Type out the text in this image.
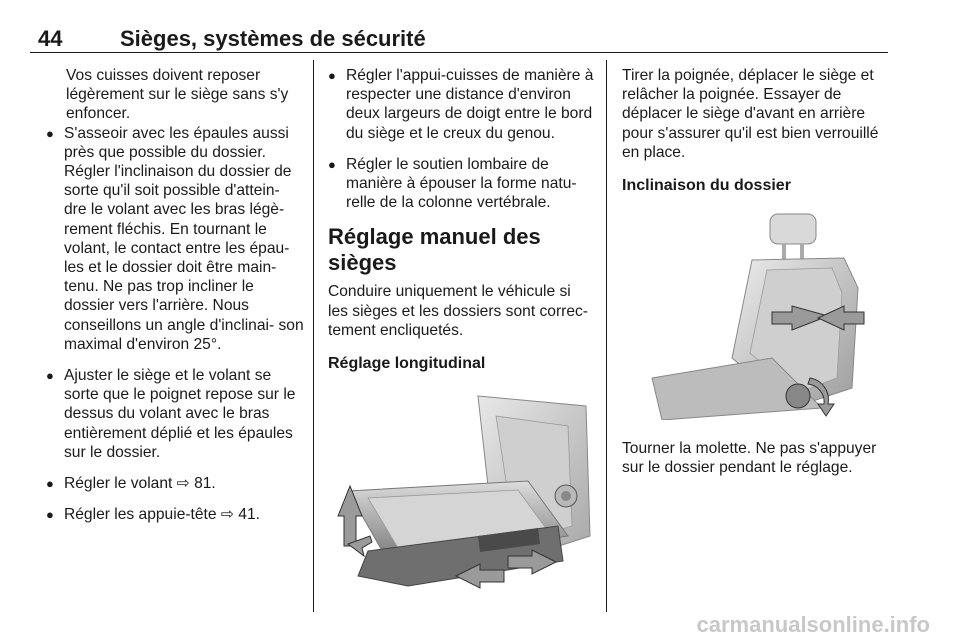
44	Sièges, systèmes de sécurité

Vos cuisses doivent reposer légèrement sur le siège sans s'y enfoncer.

● S'asseoir avec les épaules aussi près que possible du dossier. Régler l'inclinaison du dossier de sorte qu'il soit possible d'attein- dre le volant avec les bras légè- rement fléchis. En tournant le volant, le contact entre les épau- les et le dossier doit être main- tenu. Ne pas trop incliner le dossier vers l'arrière. Nous conseillons un angle d'inclinai- son maximal d'environ 25°.
● Ajuster le siège et le volant se sorte que le poignet repose sur le dessus du volant avec le bras entièrement déplié et les épaules sur le dossier.
● Régler le volant ⇨ 81.
● Régler les appuie-tête ⇨ 41.
● Régler l'appui-cuisses de manière à respecter une distance d'environ deux largeurs de doigt entre le bord du siège et le creux du genou.
● Régler le soutien lombaire de manière à épouser la forme natu- relle de la colonne vertébrale.
Réglage manuel des sièges

Conduire uniquement le véhicule si les sièges et les dossiers sont correc- tement encliquetés.

Réglage longitudinal

Tirer la poignée, déplacer le siège et relâcher la poignée. Essayer de déplacer le siège d'avant en arrière pour s'assurer qu'il est bien verrouillé en place.

Inclinaison du dossier

Tourner la molette. Ne pas s'appuyer sur le dossier pendant le réglage.

carmanualsonline.info
